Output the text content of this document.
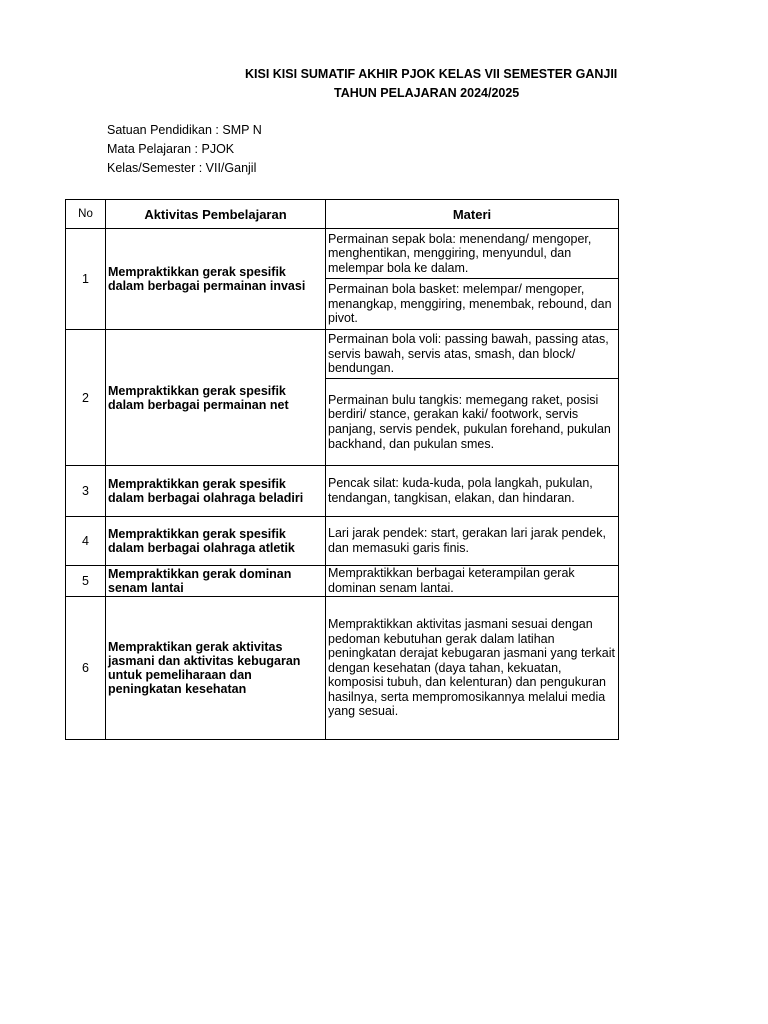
KISI KISI SUMATIF AKHIR PJOK KELAS VII SEMESTER GANJII
TAHUN PELAJARAN 2024/2025
Satuan Pendidikan : SMP N
Mata Pelajaran : PJOK
Kelas/Semester : VII/Ganjil
No	Aktivitas Pembelajaran	Materi
1	Mempraktikkan gerak spesifik dalam berbagai permainan invasi	Permainan sepak bola: menendang/ mengoper, menghentikan, menggiring, menyundul, dan melempar bola ke dalam.
		Permainan bola basket: melempar/ mengoper, menangkap, menggiring, menembak, rebound, dan pivot.
2	Mempraktikkan gerak spesifik dalam berbagai permainan net	Permainan bola voli: passing bawah, passing atas, servis bawah, servis atas, smash, dan block/ bendungan.
		Permainan bulu tangkis: memegang raket, posisi berdiri/ stance, gerakan kaki/ footwork, servis panjang, servis pendek, pukulan forehand, pukulan backhand, dan pukulan smes.
3	Mempraktikkan gerak spesifik dalam berbagai olahraga beladiri	Pencak silat: kuda-kuda, pola langkah, pukulan, tendangan, tangkisan, elakan, dan hindaran.
4	Mempraktikkan gerak spesifik dalam berbagai olahraga atletik	Lari jarak pendek: start, gerakan lari jarak pendek, dan memasuki garis finis.
5	Mempraktikkan gerak dominan senam lantai	Mempraktikkan berbagai keterampilan gerak dominan senam lantai.
6	Mempraktikan gerak aktivitas jasmani dan aktivitas kebugaran untuk pemeliharaan dan peningkatan kesehatan	Mempraktikkan aktivitas jasmani sesuai dengan pedoman kebutuhan gerak dalam latihan peningkatan derajat kebugaran jasmani yang terkait dengan kesehatan (daya tahan, kekuatan, komposisi tubuh, dan kelenturan) dan pengukuran hasilnya, serta mempromosikannya melalui media yang sesuai.
